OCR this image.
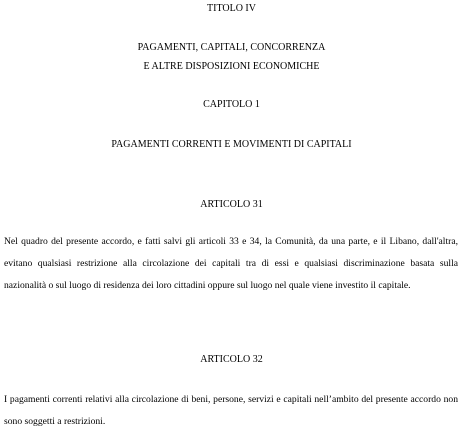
TITOLO IV
PAGAMENTI, CAPITALI, CONCORRENZA
E ALTRE DISPOSIZIONI ECONOMICHE
CAPITOLO 1
PAGAMENTI CORRENTI E MOVIMENTI DI CAPITALI
ARTICOLO 31
Nel quadro del presente accordo, e fatti salvi gli articoli 33 e 34, la Comunità, da una parte, e il Libano, dall'altra, evitano qualsiasi restrizione alla circolazione dei capitali tra di essi e qualsiasi discriminazione basata sulla nazionalità o sul luogo di residenza dei loro cittadini oppure sul luogo nel quale viene investito il capitale.
ARTICOLO 32
I pagamenti correnti relativi alla circolazione di beni, persone, servizi e capitali nell’ambito del presente accordo non sono soggetti a restrizioni.
